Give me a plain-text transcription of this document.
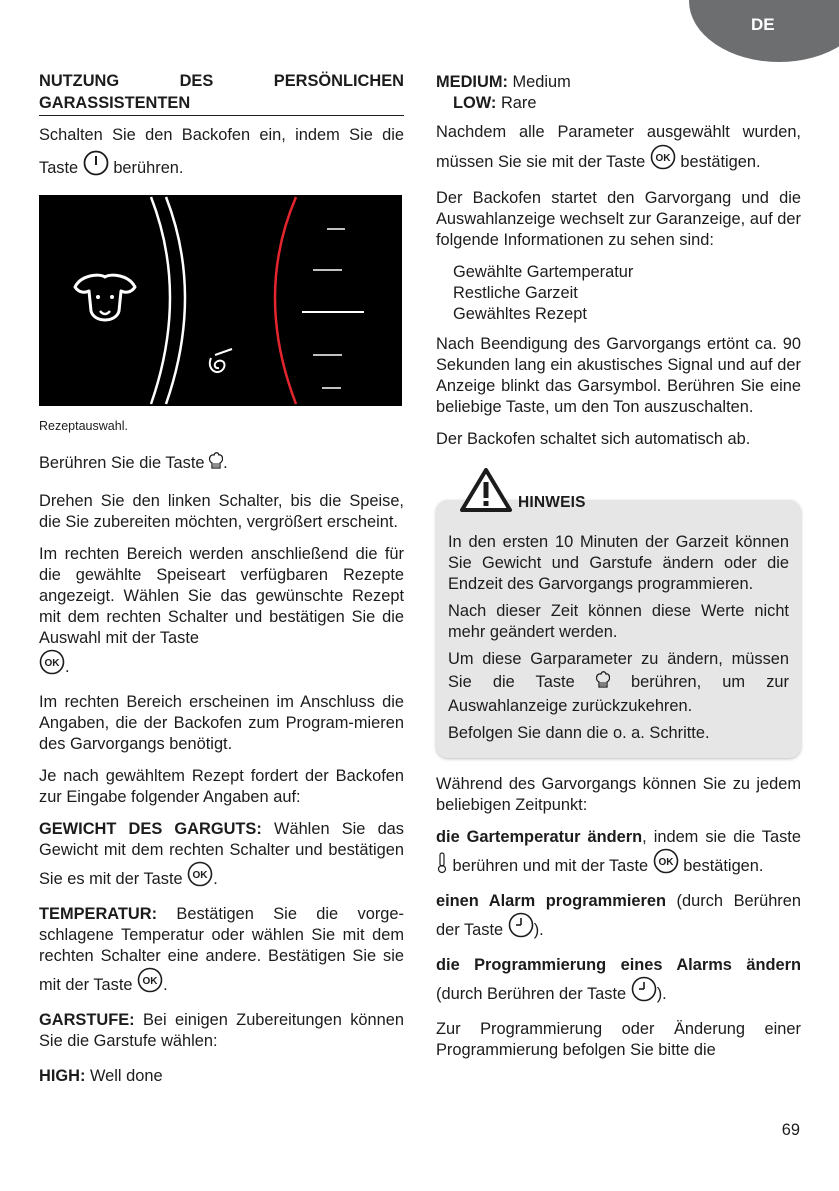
DE
NUTZUNG	DES	PERSÖNLICHEN
GARASSISTENTEN

Schalten Sie den Backofen ein, indem Sie die Taste berühren.

Rezeptauswahl.

Berühren Sie die Taste .

Drehen Sie den linken Schalter, bis die Speise, die Sie zubereiten möchten, vergrößert erscheint.

Im rechten Bereich werden anschließend die für die gewählte Speiseart verfügbaren Rezepte angezeigt. Wählen Sie das gewünschte Rezept mit dem rechten Schalter und bestätigen Sie die Auswahl mit der Taste

OK .

Im rechten Bereich erscheinen im Anschluss die Angaben, die der Backofen zum Program-mieren des Garvorgangs benötigt.

Je nach gewähltem Rezept fordert der Backofen zur Eingabe folgender Angaben auf:

GEWICHT DES GARGUTS: Wählen Sie das Gewicht mit dem rechten Schalter und bestätigen Sie es mit der Taste OK .

TEMPERATUR: Bestätigen Sie die vorge-schlagene Temperatur oder wählen Sie mit dem rechten Schalter eine andere. Bestätigen Sie sie mit der Taste OK .

GARSTUFE: Bei einigen Zubereitungen können Sie die Garstufe wählen:

HIGH: Well done

MEDIUM: Medium

LOW: Rare

Nachdem alle Parameter ausgewählt wurden, müssen Sie sie mit der Taste OK bestätigen.

Der Backofen startet den Garvorgang und die Auswahlanzeige wechselt zur Garanzeige, auf der folgende Informationen zu sehen sind:

Gewählte Gartemperatur
Restliche Garzeit
Gewähltes Rezept

Nach Beendigung des Garvorgangs ertönt ca. 90 Sekunden lang ein akustisches Signal und auf der Anzeige blinkt das Garsymbol. Berühren Sie eine beliebige Taste, um den Ton auszuschalten.

Der Backofen schaltet sich automatisch ab.

HINWEIS

In den ersten 10 Minuten der Garzeit können Sie Gewicht und Garstufe ändern oder die Endzeit des Garvorgangs programmieren.

Nach dieser Zeit können diese Werte nicht mehr geändert werden.

Um diese Garparameter zu ändern, müssen Sie die Taste  berühren, um zur Auswahlanzeige zurückzukehren.

Befolgen Sie dann die o. a. Schritte.

Während des Garvorgangs können Sie zu jedem beliebigen Zeitpunkt:

die Gartemperatur ändern, indem sie die Taste  berühren und mit der Taste OK bestätigen.

einen Alarm programmieren (durch Berühren der Taste ).

die Programmierung eines Alarms ändern (durch Berühren der Taste ).

Zur Programmierung oder Änderung einer Programmierung befolgen Sie bitte die

69
